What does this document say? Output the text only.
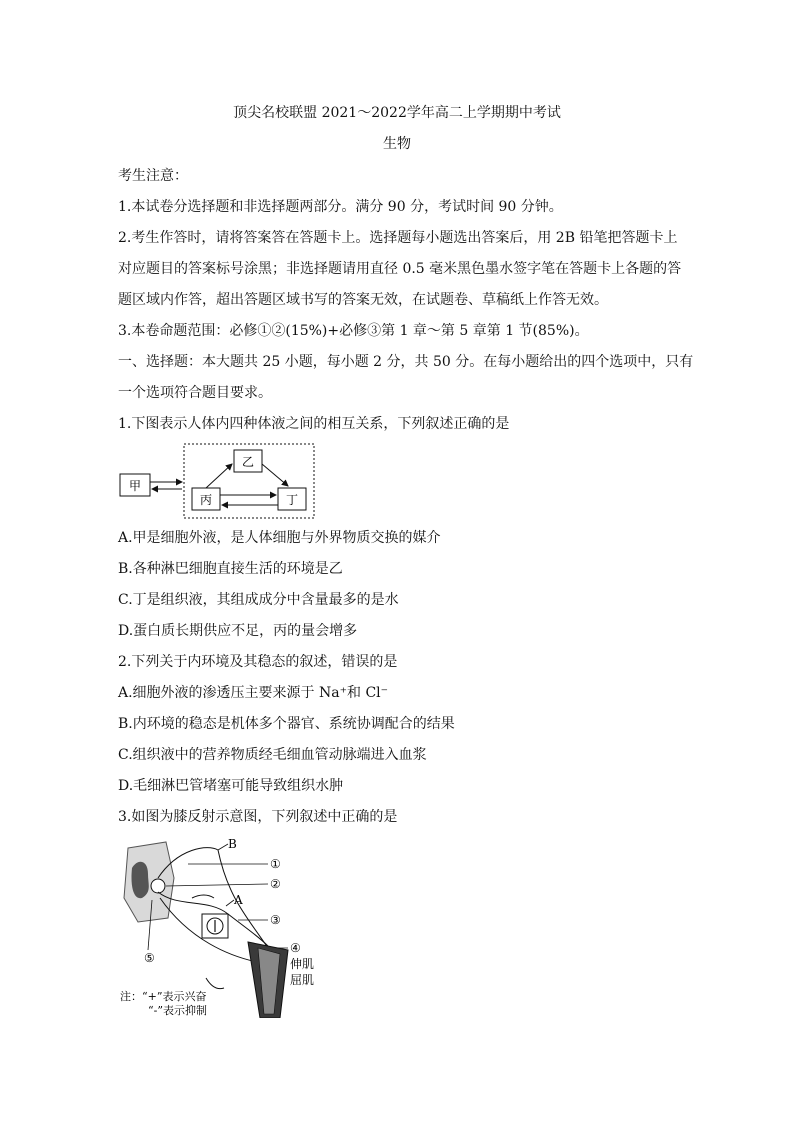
顶尖名校联盟 2021～2022学年高二上学期期中考试
生物
考生注意：
1.本试卷分选择题和非选择题两部分。满分 90 分，考试时间 90 分钟。
2.考生作答时，请将答案答在答题卡上。选择题每小题选出答案后，用 2B 铅笔把答题卡上
对应题目的答案标号涂黑；非选择题请用直径 0.5 毫米黑色墨水签字笔在答题卡上各题的答
题区域内作答，超出答题区域书写的答案无效，在试题卷、草稿纸上作答无效。
3.本卷命题范围：必修①②(15%)+必修③第 1 章～第 5 章第 1 节(85%)。
一、选择题：本大题共 25 小题，每小题 2 分，共 50 分。在每小题给出的四个选项中，只有
一个选项符合题目要求。
1.下图表示人体内四种体液之间的相互关系，下列叙述正确的是
甲
乙
丙	丁
A.甲是细胞外液，是人体细胞与外界物质交换的媒介
B.各种淋巴细胞直接生活的环境是乙
C.丁是组织液，其组成成分中含量最多的是水
D.蛋白质长期供应不足，丙的量会增多
2.下列关于内环境及其稳态的叙述，错误的是
A.细胞外液的渗透压主要来源于 Na⁺和 Cl⁻
B.内环境的稳态是机体多个器官、系统协调配合的结果
C.组织液中的营养物质经毛细血管动脉端进入血浆
D.毛细淋巴管堵塞可能导致组织水肿
3.如图为膝反射示意图，下列叙述中正确的是
B
①
②
A
③
④
伸肌
屈肌
⑤
注：“+”表示兴奋
“-”表示抑制
